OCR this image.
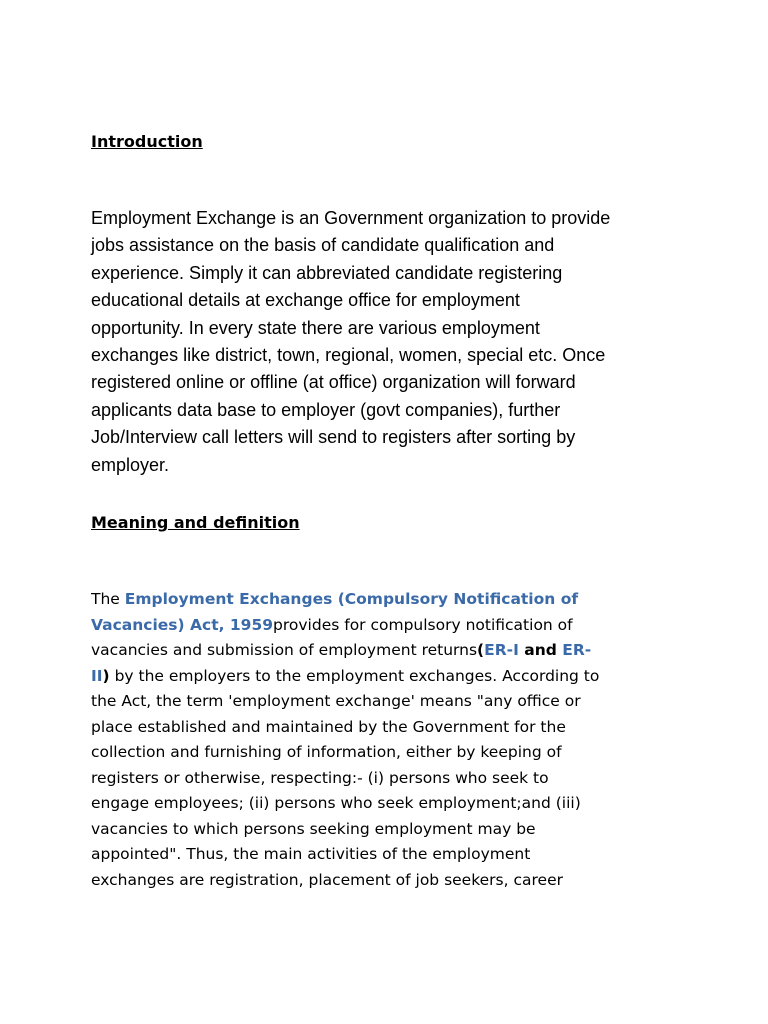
Introduction

Employment Exchange is an Government organization to provide
jobs assistance on the basis of candidate qualification and
experience. Simply it can abbreviated candidate registering
educational details at exchange office for employment
opportunity. In every state there are various employment
exchanges like district, town, regional, women, special etc. Once
registered online or offline (at office) organization will forward
applicants data base to employer (govt companies), further
Job/Interview call letters will send to registers after sorting by
employer.

Meaning and definition

The Employment Exchanges (Compulsory Notification of
Vacancies) Act, 1959provides for compulsory notification of
vacancies and submission of employment returns(ER-I and ER-
II) by the employers to the employment exchanges. According to
the Act, the term 'employment exchange' means "any office or
place established and maintained by the Government for the
collection and furnishing of information, either by keeping of
registers or otherwise, respecting:- (i) persons who seek to
engage employees; (ii) persons who seek employment;and (iii)
vacancies to which persons seeking employment may be
appointed". Thus, the main activities of the employment
exchanges are registration, placement of job seekers, career
